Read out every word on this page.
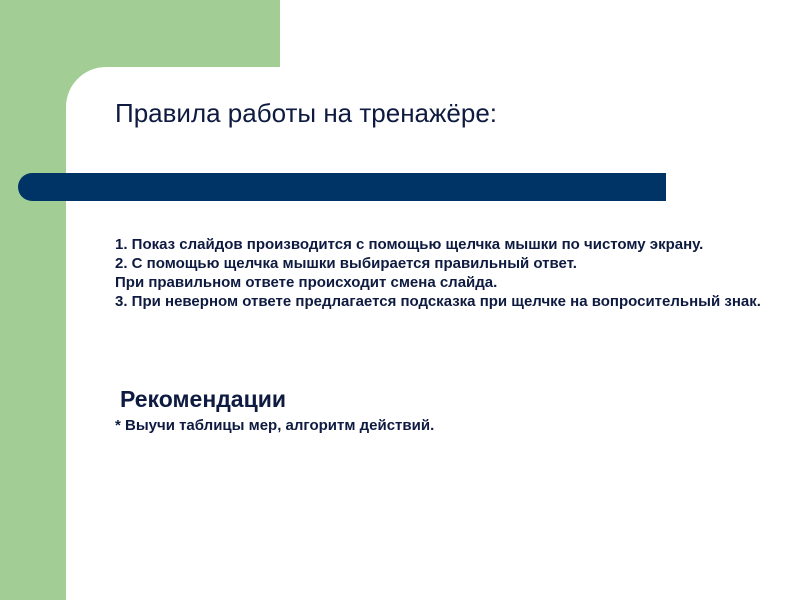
Правила работы на тренажёре:
1. Показ слайдов производится с помощью щелчка мышки по чистому экрану.
2. С помощью щелчка мышки выбирается правильный ответ.
При правильном ответе происходит смена слайда.
3. При неверном ответе предлагается подсказка при щелчке на вопросительный знак.
Рекомендации

* Выучи таблицы мер, алгоритм действий.
